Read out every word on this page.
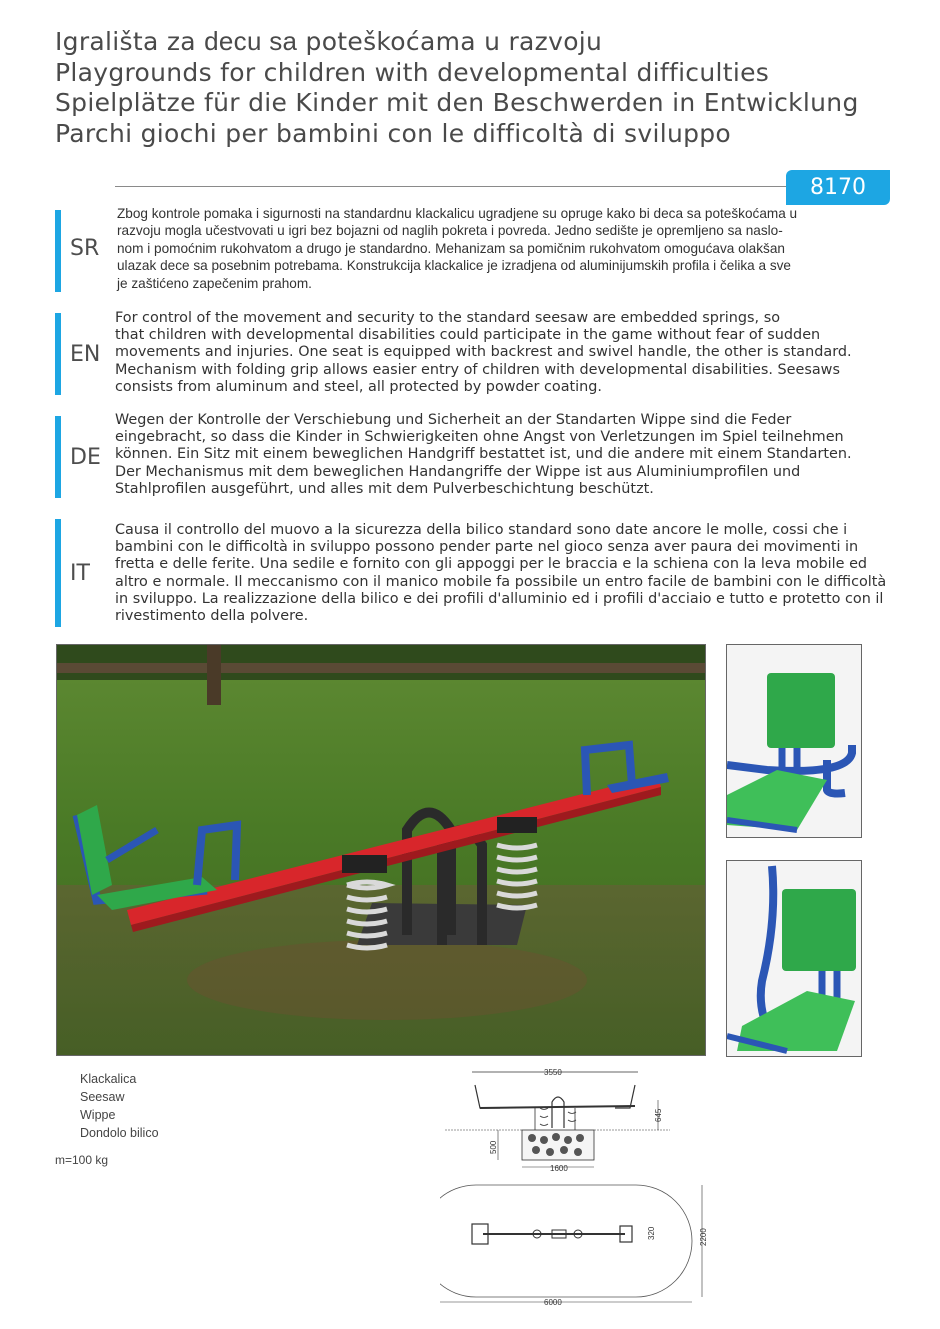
Igrališta za decu sa poteškoćama u razvoju
Playgrounds for children with developmental difficulties
Spielplätze für die Kinder mit den Beschwerden in Entwicklung
Parchi giochi per bambini con le difficoltà di sviluppo
8170
SR
Zbog kontrole pomaka i sigurnosti na standardnu klackalicu ugradjene su opruge kako bi deca sa poteškoćama u
razvoju mogla učestvovati u igri bez bojazni od naglih pokreta i povreda. Jedno sedište je opremljeno sa naslo-
nom i pomoćnim rukohvatom a drugo je standardno. Mehanizam sa pomičnim rukohvatom omogućava olakšan
ulazak dece sa posebnim potrebama. Konstrukcija klackalice je izradjena od aluminijumskih profila i čelika a sve
je zaštićeno zapečenim prahom.
EN
For control of the movement and security to the standard seesaw are embedded springs, so
that children with developmental disabilities could participate in the game without fear of sudden
movements and injuries. One seat is equipped with backrest and swivel handle, the other is standard.
Mechanism with folding grip allows easier entry of children with developmental disabilities. Seesaws
consists from aluminum and steel, all protected by powder coating.
DE
Wegen der Kontrolle der Verschiebung und Sicherheit an der Standarten Wippe sind die Feder
eingebracht, so dass die Kinder in Schwierigkeiten ohne Angst von Verletzungen im Spiel teilnehmen
können. Ein Sitz mit einem beweglichen Handgriff bestattet ist, und die andere mit einem Standarten.
Der Mechanismus mit dem beweglichen Handangriffe der Wippe ist aus Aluminiumprofilen und
Stahlprofilen ausgeführt, und alles mit dem Pulverbeschichtung beschützt.
IT
Causa il controllo del muovo a la sicurezza della bilico standard sono date ancore le molle, cossi che i
bambini con le difficoltà in sviluppo possono pender parte nel gioco senza aver paura dei movimenti in
fretta e delle ferite. Una sedile e fornito con gli appoggi per le braccia e la schiena con la leva mobile ed
altro e normale. Il meccanismo con il manico mobile fa possibile un entro facile de bambini con le difficoltà
in sviluppo. La realizzazione della bilico e dei profili d'alluminio ed i profili d'acciaio e tutto e protetto con il
rivestimento della polvere.
Klackalica
Seesaw
Wippe
Dondolo bilico
m=100 kg
3550
645
500
1600
320	2200
6000
